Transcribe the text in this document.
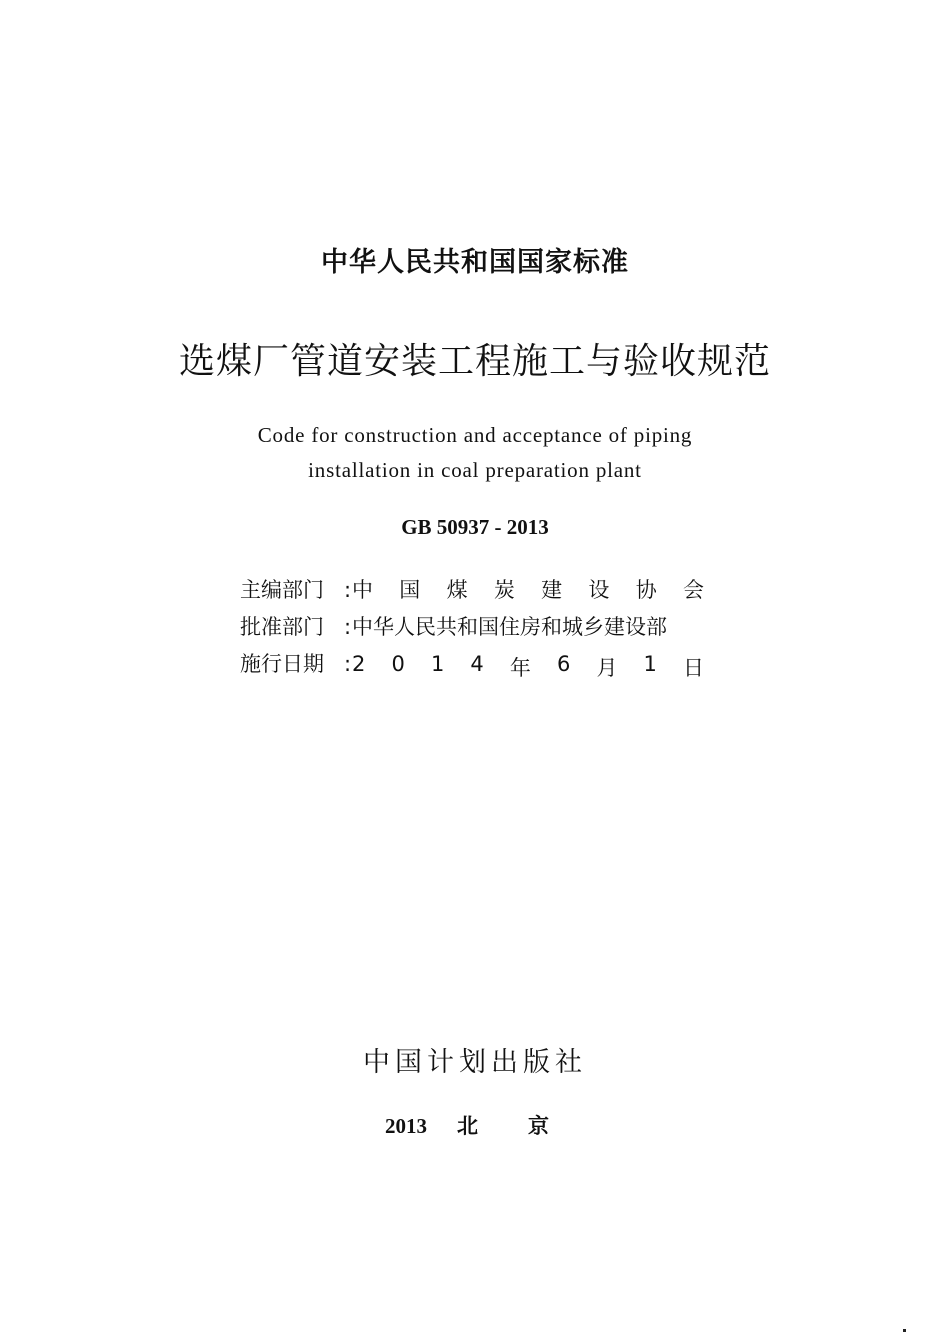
中华人民共和国国家标准
选煤厂管道安装工程施工与验收规范
Code for construction and acceptance of piping
installation in coal preparation plant
GB 50937 - 2013
主编部门 : 中 国 煤 炭 建 设 协 会
批准部门 : 中华人民共和国住房和城乡建设部
施行日期 : 2 0 1 4 年 6 月 1 日
中国计划出版社
2013	北 京
